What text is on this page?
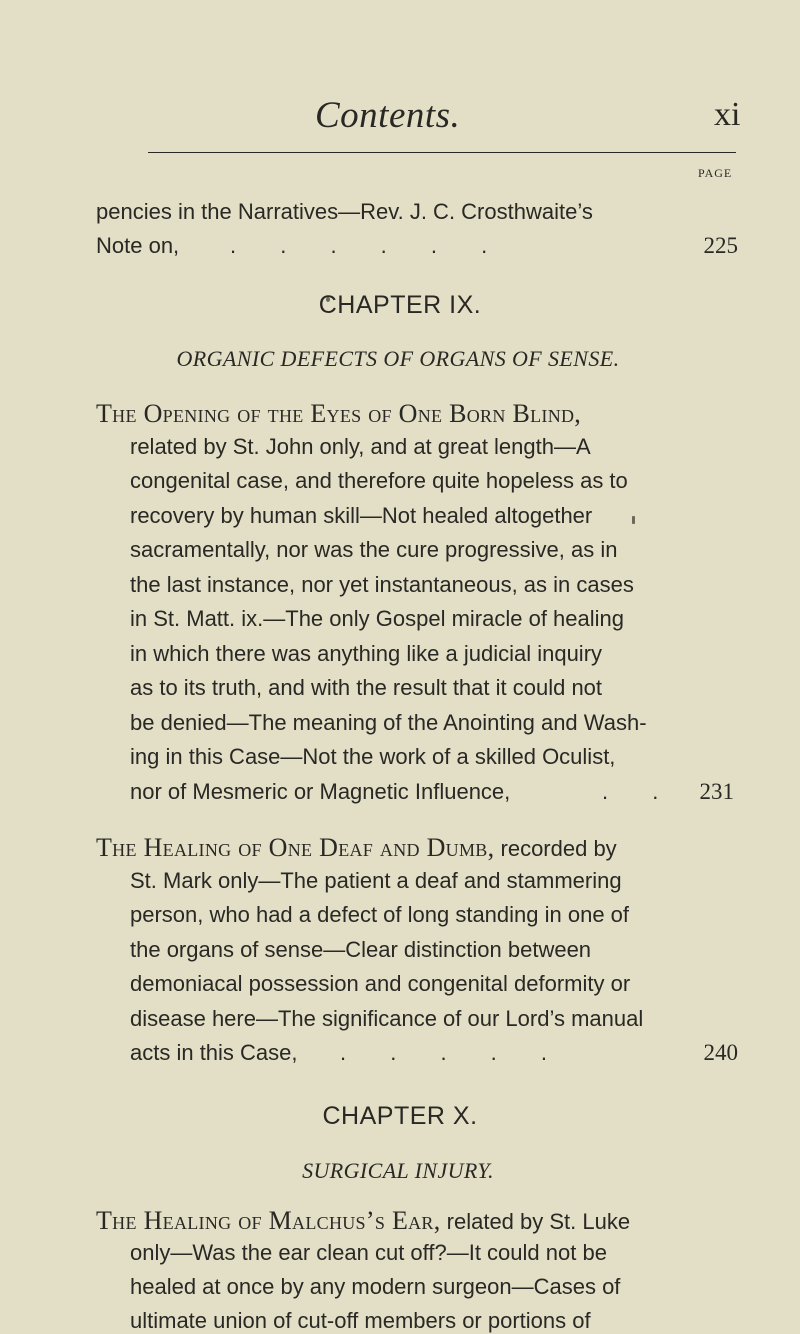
Contents.	xi
PAGE
pencies in the Narratives—Rev. J. C. Crosthwaite’s
Note on, . . . . . .	225
CHAPTER IX.
ORGANIC DEFECTS OF ORGANS OF SENSE.
The Opening of the Eyes of One Born Blind,
related by St. John only, and at great length—A
congenital case, and therefore quite hopeless as to
recovery by human skill—Not healed altogether
sacramentally, nor was the cure progressive, as in
the last instance, nor yet instantaneous, as in cases
in St. Matt. ix.—The only Gospel miracle of healing
in which there was anything like a judicial inquiry
as to its truth, and with the result that it could not
be denied—The meaning of the Anointing and Wash-
ing in this Case—Not the work of a skilled Oculist,
nor of Mesmeric or Magnetic Influence,	. . 231
The Healing of One Deaf and Dumb, recorded by
St. Mark only—The patient a deaf and stammering
person, who had a defect of long standing in one of
the organs of sense—Clear distinction between
demoniacal possession and congenital deformity or
disease here—The significance of our Lord’s manual
acts in this Case, . . . . .	240
CHAPTER X.
SURGICAL INJURY.
The Healing of Malchus’s Ear, related by St. Luke
only—Was the ear clean cut off?—It could not be
healed at once by any modern surgeon—Cases of
ultimate union of cut-off members or portions of
